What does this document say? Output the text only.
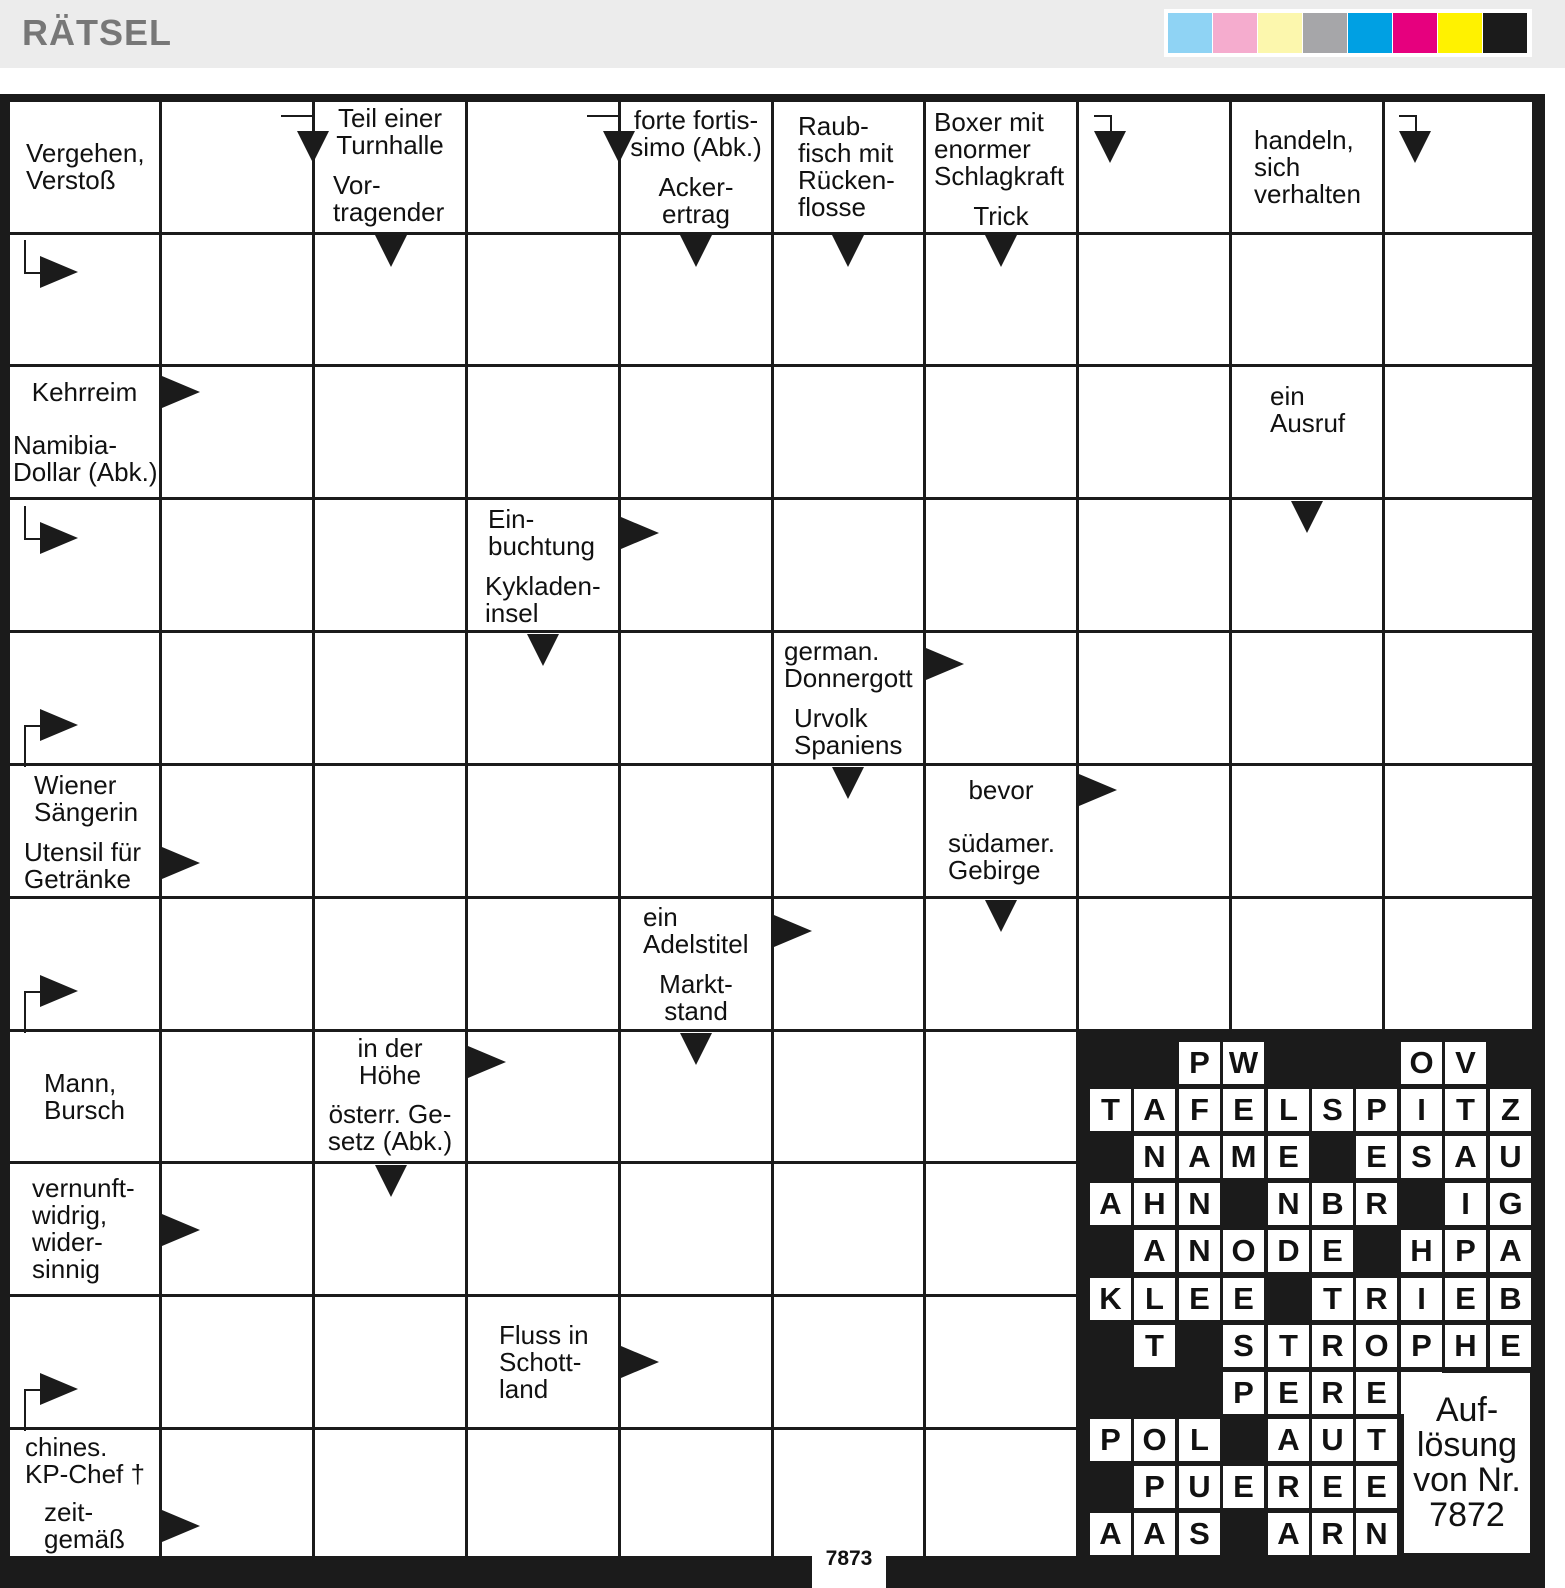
RÄTSEL
Vergehen,
Verstoß
Teil einer
Turnhalle
Vor-
tragender
forte fortis-
simo (Abk.)
Acker-
ertrag
Raub-
fisch mit
Rücken-
flosse
Boxer mit
enormer
Schlagkraft
Trick
handeln,
sich
verhalten
Kehrreim
Namibia-
Dollar (Abk.)
ein
Ausruf
Ein-
buchtung
Kykladen-
insel
german.
Donnergott
Urvolk
Spaniens
Wiener
Sängerin
Utensil für
Getränke
bevor
südamer.
Gebirge
ein
Adelstitel
Markt-
stand
Mann,
Bursch
in der
Höhe
österr. Ge-
setz (Abk.)
vernunft-
widrig,
wider-
sinnig
Fluss in
Schott-
land
chines.
KP-Chef †
zeit-
gemäß
P W	O V
T A F E L S P I T Z
N A M E	E S A U
A H N	N B R	I G
A N O D E	H P A
K L E E	T R I E B
T	S T R O P H E
P E R E
P O L	A U T
P U E R E E
A A S	A R N
Auf-
lösung
von Nr.
7872
7873
